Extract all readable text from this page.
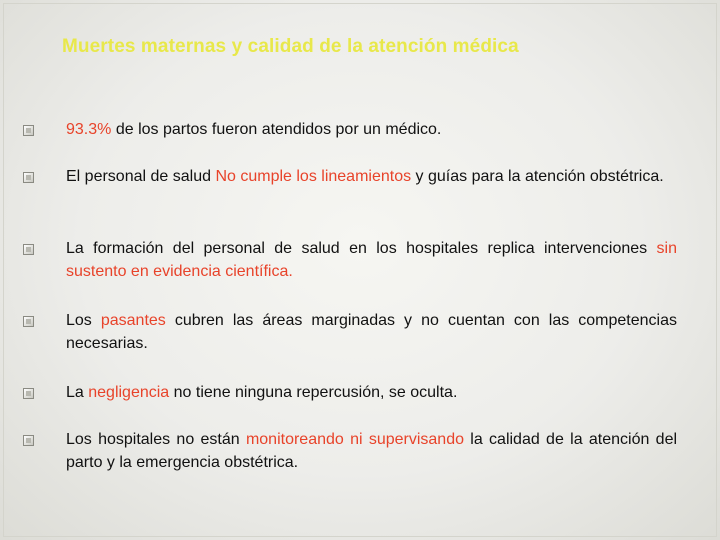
Muertes maternas y calidad de la atención médica
93.3% de los partos fueron atendidos por un médico.
El personal de salud No cumple los lineamientos y guías para la atención obstétrica.
La formación del personal de salud en los hospitales replica intervenciones sin sustento en evidencia científica.
Los pasantes cubren las áreas marginadas y no cuentan con las competencias necesarias.
La negligencia no tiene ninguna repercusión, se oculta.
Los hospitales no están monitoreando ni supervisando la calidad de la atención del parto y la emergencia obstétrica.
